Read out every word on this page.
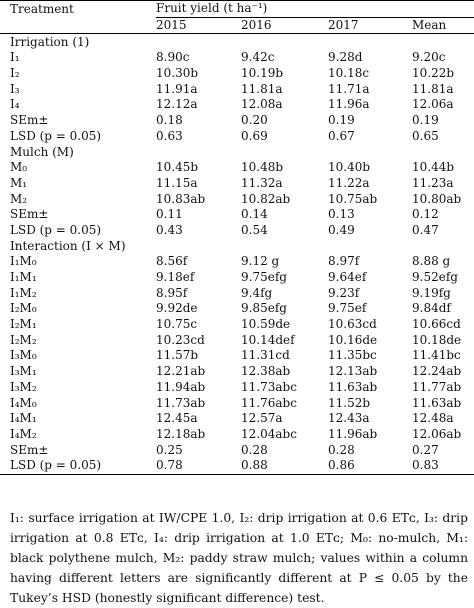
Treatment	Fruit yield (t ha⁻¹)			
	2015	2016	2017	Mean
Irrigation (1)				
I₁	8.90c	9.42c	9.28d	9.20c
I₂	10.30b	10.19b	10.18c	10.22b
I₃	11.91a	11.81a	11.71a	11.81a
I₄	12.12a	12.08a	11.96a	12.06a
SEm±	0.18	0.20	0.19	0.19
LSD (p = 0.05)	0.63	0.69	0.67	0.65
Mulch (M)				
M₀	10.45b	10.48b	10.40b	10.44b
M₁	11.15a	11.32a	11.22a	11.23a
M₂	10.83ab	10.82ab	10.75ab	10.80ab
SEm±	0.11	0.14	0.13	0.12
LSD (p = 0.05)	0.43	0.54	0.49	0.47
Interaction (I × M)				
I₁M₀	8.56f	9.12 g	8.97f	8.88 g
I₁M₁	9.18ef	9.75efg	9.64ef	9.52efg
I₁M₂	8.95f	9.4fg	9.23f	9.19fg
I₂M₀	9.92de	9.85efg	9.75ef	9.84df
I₂M₁	10.75c	10.59de	10.63cd	10.66cd
I₂M₂	10.23cd	10.14def	10.16de	10.18de
I₃M₀	11.57b	11.31cd	11.35bc	11.41bc
I₃M₁	12.21ab	12.38ab	12.13ab	12.24ab
I₃M₂	11.94ab	11.73abc	11.63ab	11.77ab
I₄M₀	11.73ab	11.76abc	11.52b	11.63ab
I₄M₁	12.45a	12.57a	12.43a	12.48a
I₄M₂	12.18ab	12.04abc	11.96ab	12.06ab
SEm±	0.25	0.28	0.28	0.27
LSD (p = 0.05)	0.78	0.88	0.86	0.83

I₁: surface irrigation at IW/CPE 1.0, I₂: drip irrigation at 0.6 ETᴄ, I₃: drip irrigation at 0.8 ETᴄ, I₄: drip irrigation at 1.0 ETᴄ; M₀: no-mulch, M₁: black polythene mulch, M₂: paddy straw mulch; values within a column having different letters are significantly different at P ≤ 0.05 by the Tukey’s HSD (honestly significant difference) test.
